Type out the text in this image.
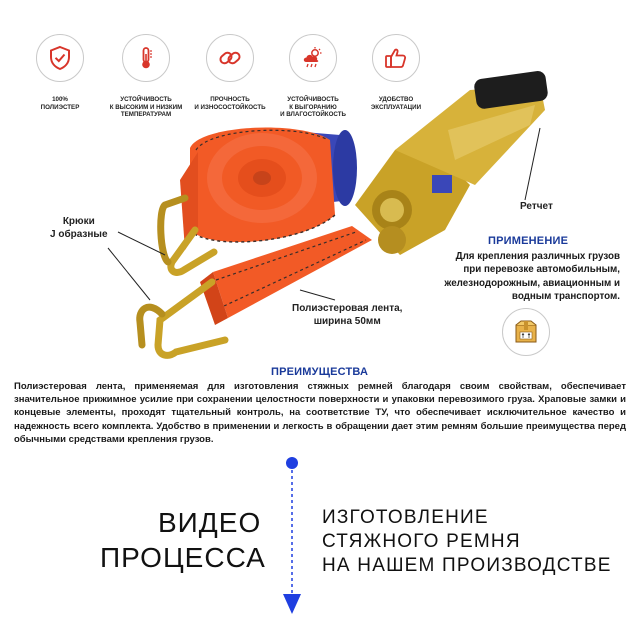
100%
ПОЛИЭСТЕР
УСТОЙЧИВОСТЬ
К ВЫСОКИМ И НИЗКИМ
ТЕМПЕРАТУРАМ
ПРОЧНОСТЬ
И ИЗНОСОСТОЙКОСТЬ
УСТОЙЧИВОСТЬ
К ВЫГОРАНИЮ
И ВЛАГОСТОЙКОСТЬ
УДОБСТВО
ЭКСПЛУАТАЦИИ
Крюки
J образные
Ретчет
Полиэстеровая лента,
ширина 50мм
ПРИМЕНЕНИЕ
Для крепления различных грузов при перевозке автомобильным, железнодорожным, авиационным и водным транспортом.
ПРЕИМУЩЕСТВА
Полиэстеровая лента, применяемая для изготовления стяжных ремней благодаря своим свойствам, обеспечивает значительное прижимное усилие при сохранении целостности поверхности и упаковки перевозимого груза. Храповые замки и концевые элементы, проходят тщательный контроль, на соответствие ТУ, что обеспечивает исключительное качество и надежность всего комплекта. Удобство в применении и легкость в обращении дает этим ремням большие преимущества перед обычными средствами крепления грузов.
ВИДЕО
ПРОЦЕССА
ИЗГОТОВЛЕНИЕ
СТЯЖНОГО РЕМНЯ
НА НАШЕМ ПРОИЗВОДСТВЕ
